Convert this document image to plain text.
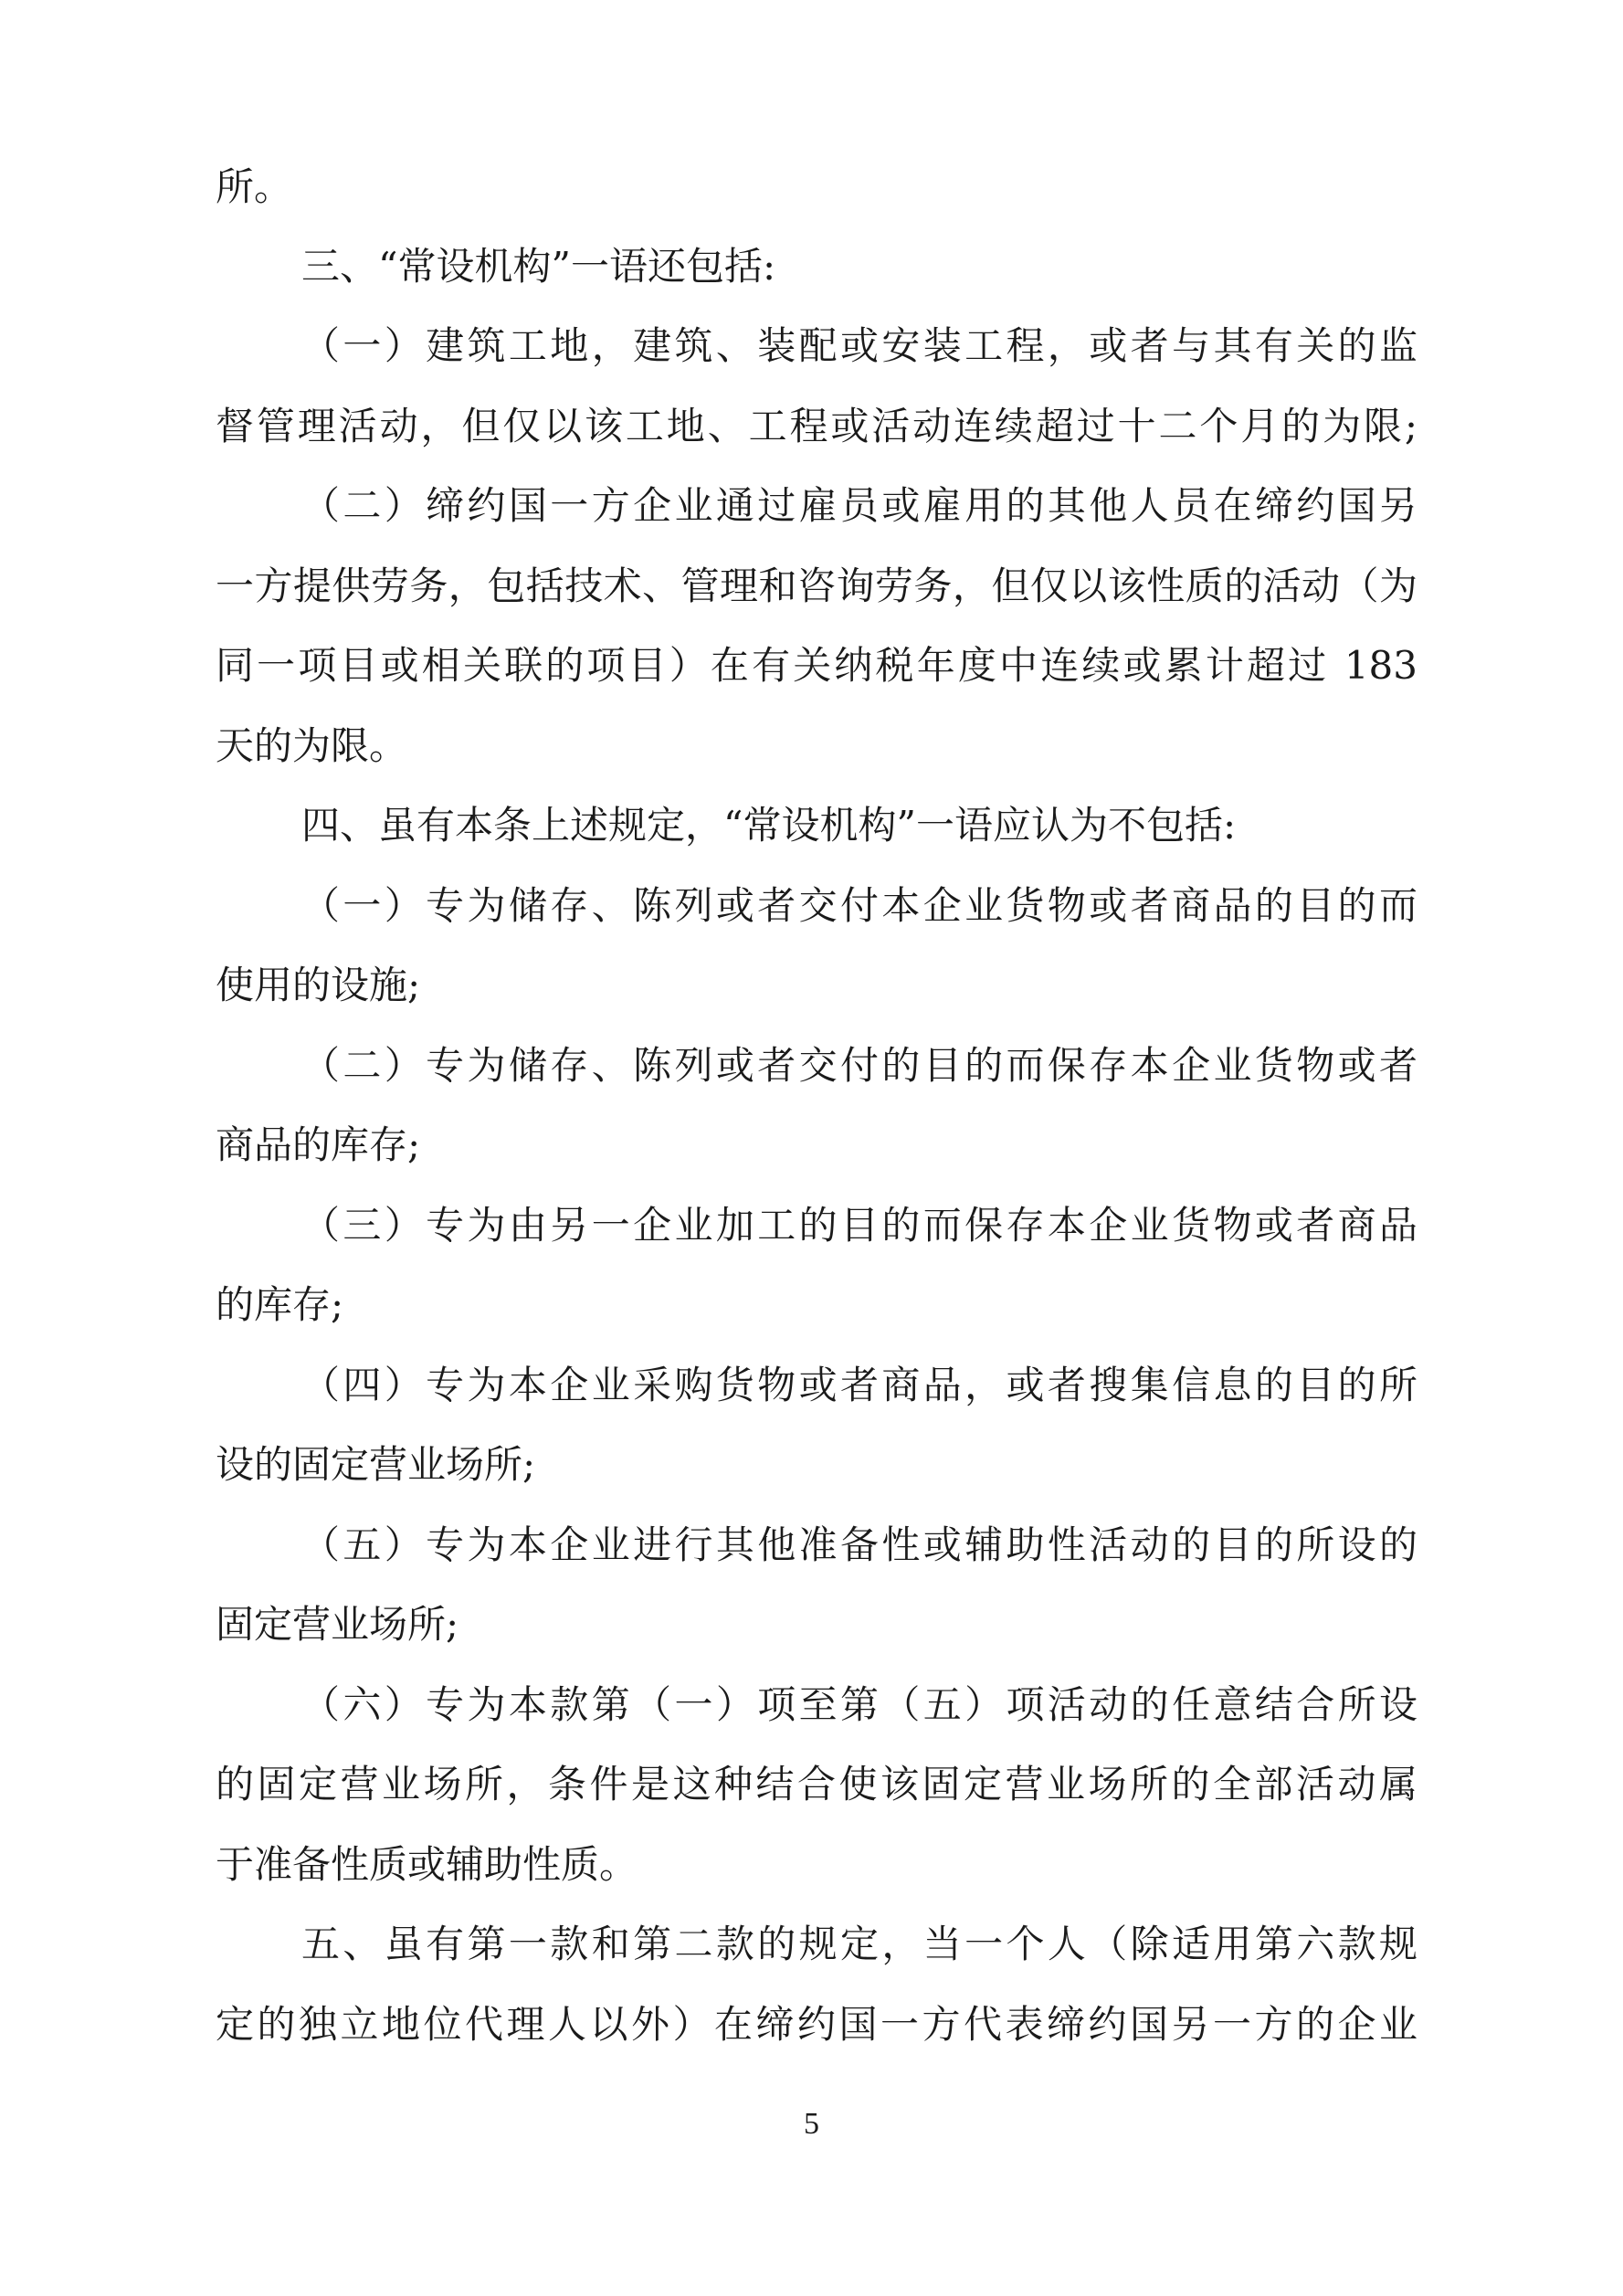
所。
三、“常设机构”一语还包括:
（一）建筑工地，建筑、装配或安装工程，或者与其有关的监
督管理活动，但仅以该工地、工程或活动连续超过十二个月的为限;
（二）缔约国一方企业通过雇员或雇用的其他人员在缔约国另
一方提供劳务，包括技术、管理和咨询劳务，但仅以该性质的活动（为
同一项目或相关联的项目）在有关纳税年度中连续或累计超过 183
天的为限。
四、虽有本条上述规定，“常设机构”一语应认为不包括:
（一）专为储存、陈列或者交付本企业货物或者商品的目的而
使用的设施;
（二）专为储存、陈列或者交付的目的而保存本企业货物或者
商品的库存;
（三）专为由另一企业加工的目的而保存本企业货物或者商品
的库存;
（四）专为本企业采购货物或者商品，或者搜集信息的目的所
设的固定营业场所;
（五）专为本企业进行其他准备性或辅助性活动的目的所设的
固定营业场所;
（六）专为本款第（一）项至第（五）项活动的任意结合所设
的固定营业场所，条件是这种结合使该固定营业场所的全部活动属
于准备性质或辅助性质。
五、虽有第一款和第二款的规定，当一个人（除适用第六款规
定的独立地位代理人以外）在缔约国一方代表缔约国另一方的企业
5
